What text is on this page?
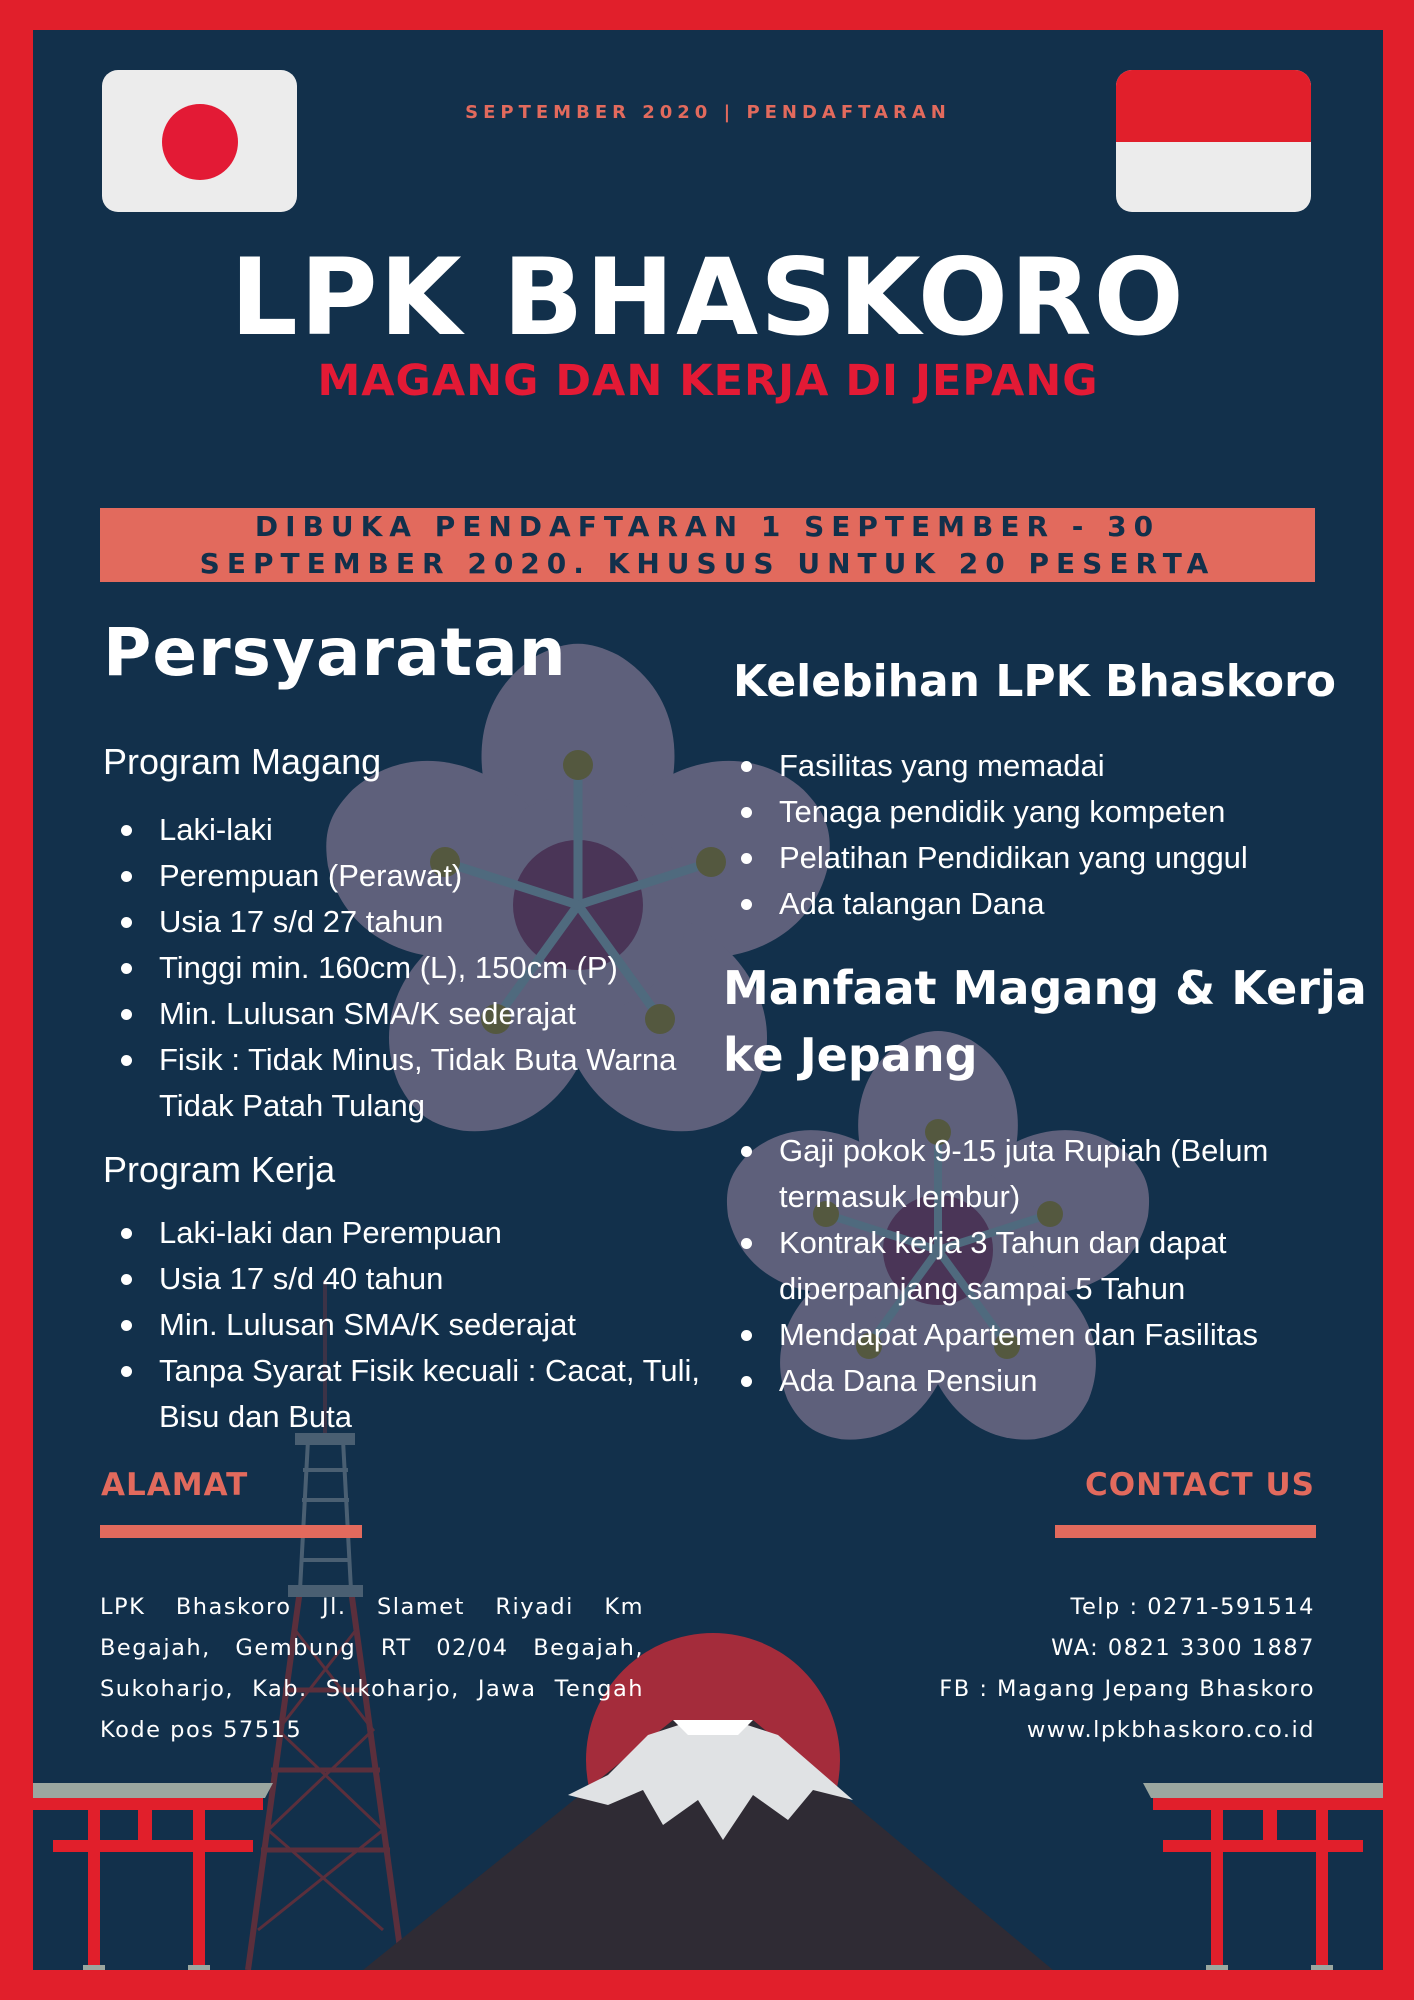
SEPTEMBER 2020 | PENDAFTARAN
LPK BHASKORO
MAGANG DAN KERJA DI JEPANG
DIBUKA PENDAFTARAN 1 SEPTEMBER - 30
SEPTEMBER 2020. KHUSUS UNTUK 20 PESERTA
Persyaratan
Program Magang
Laki-laki
Perempuan (Perawat)
Usia 17 s/d 27 tahun
Tinggi min. 160cm (L), 150cm (P)
Min. Lulusan SMA/K sederajat
Fisik : Tidak Minus, Tidak Buta Warna Tidak Patah Tulang
Program Kerja
Laki-laki dan Perempuan
Usia 17 s/d 40 tahun
Min. Lulusan SMA/K sederajat
Tanpa Syarat Fisik kecuali : Cacat, Tuli, Bisu dan Buta
Kelebihan LPK Bhaskoro
Fasilitas yang memadai
Tenaga pendidik yang kompeten
Pelatihan Pendidikan yang unggul
Ada talangan Dana
Manfaat Magang & Kerja ke Jepang
Gaji pokok 9-15 juta Rupiah (Belum termasuk lembur)
Kontrak kerja 3 Tahun dan dapat diperpanjang sampai 5 Tahun
Mendapat Apartemen dan Fasilitas
Ada Dana Pensiun
ALAMAT
LPK Bhaskoro Jl. Slamet Riyadi Km Begajah, Gembung RT 02/04 Begajah, Sukoharjo, Kab. Sukoharjo, Jawa Tengah Kode pos 57515
CONTACT US
Telp : 0271-591514
WA: 0821 3300 1887
FB : Magang Jepang Bhaskoro
www.lpkbhaskoro.co.id
